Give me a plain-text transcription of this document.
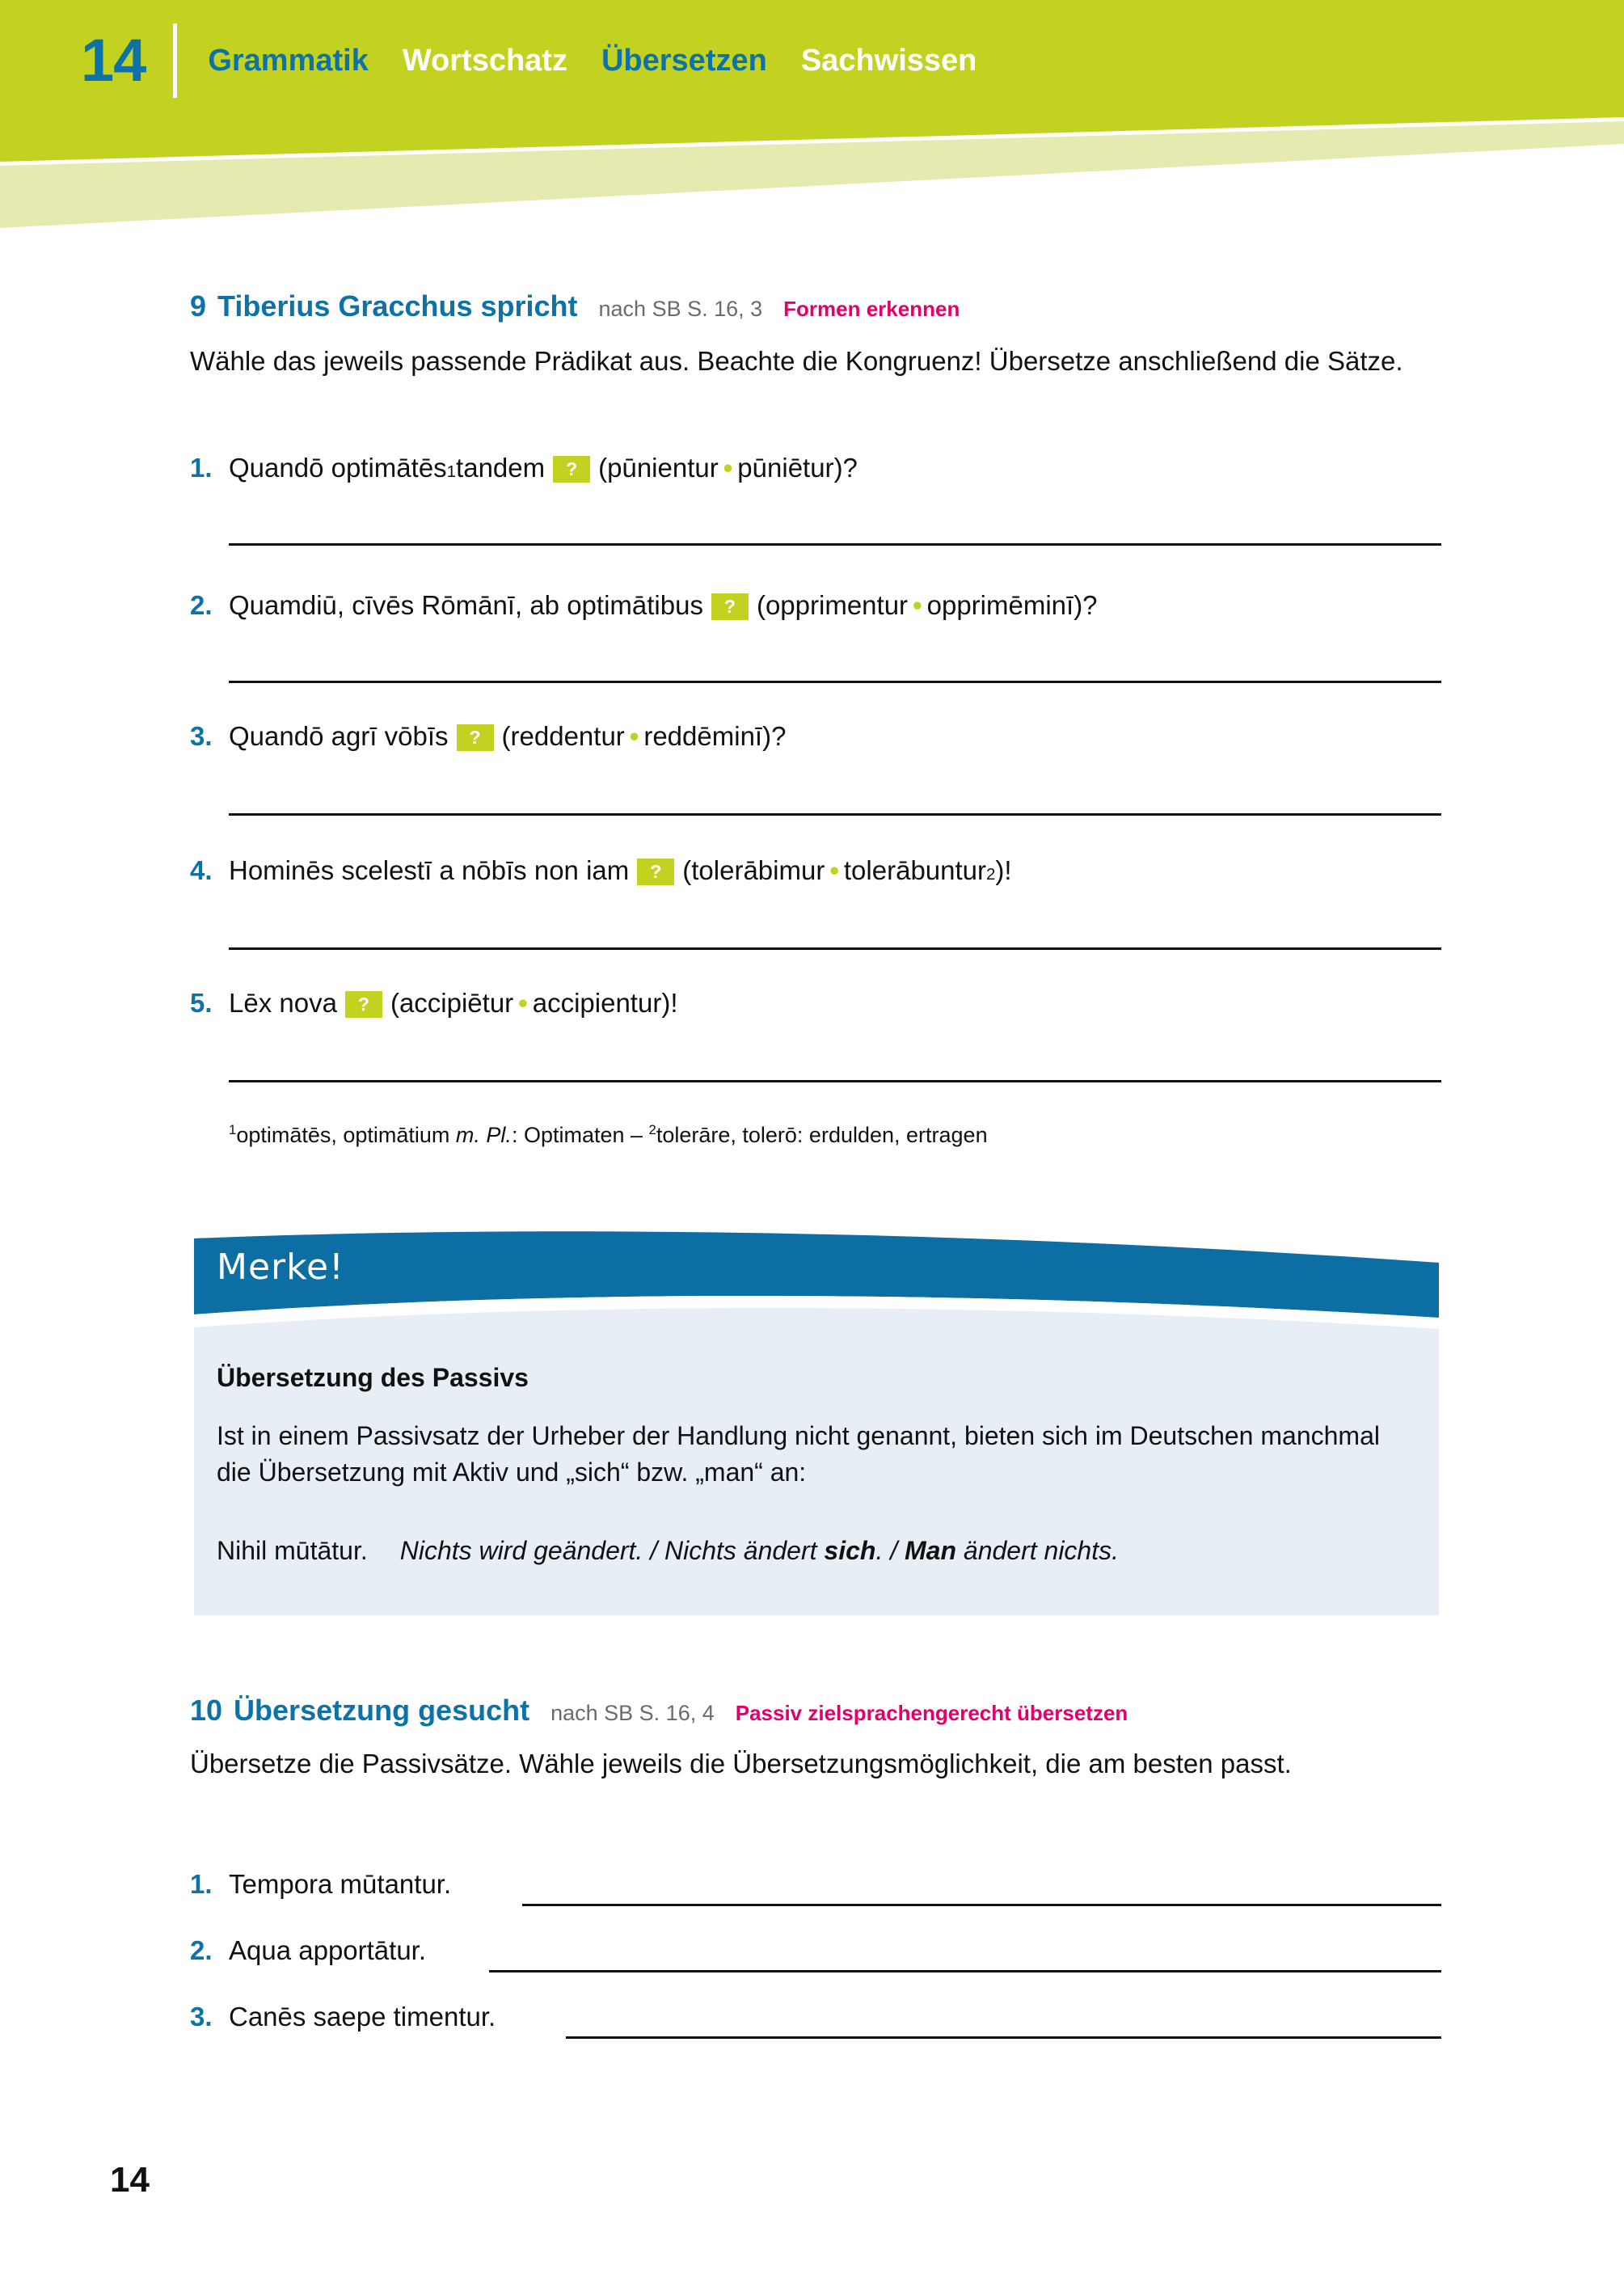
14 Grammatik Wortschatz Übersetzen Sachwissen
9 Tiberius Gracchus spricht nach SB S. 16, 3 Formen erkennen
Wähle das jeweils passende Prädikat aus. Beachte die Kongruenz! Übersetze anschließend die Sätze.
1. Quandō optimātēs 1 tandem	? ( pūnientur • pūniētur )?
2. Quamdiū, cīvēs Rōmānī, ab optimātibus	? ( opprimentur • opprimēminī )?
3. Quandō agrī vōbīs	? ( reddentur • reddēminī )?
4. Hominēs scelestī a nōbīs non iam	? ( tolerābimur • tolerābuntur 2 )!
5. Lēx nova	? ( accipiētur • accipientur )!
$^1$optimātēs, optimātium m. Pl.: Optimaten – $^2$tolerāre, tolerō: erdulden, ertragen
Merke!
Übersetzung des Passivs
Ist in einem Passivsatz der Urheber der Handlung nicht genannt, bieten sich im Deutschen manchmal die Übersetzung mit Aktiv und „sich“ bzw. „man“ an:
Nihil mūtātur. Nichts wird geändert. / Nichts ändert sich. / Man ändert nichts.
10 Übersetzung gesucht nach SB S. 16, 4 Passiv zielsprachengerecht übersetzen
Übersetze die Passivsätze. Wähle jeweils die Übersetzungsmöglichkeit, die am besten passt.
1. Tempora mūtantur.
2. Aqua apportātur.
3. Canēs saepe timentur.
14
